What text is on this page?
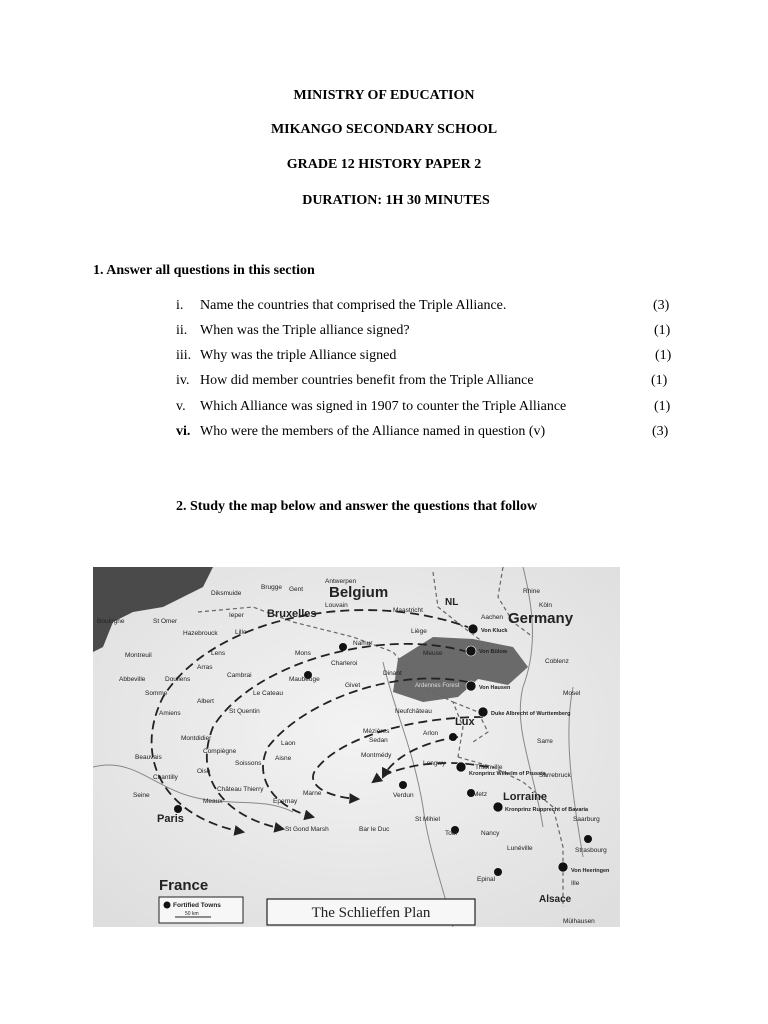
MINISTRY OF EDUCATION
MIKANGO SECONDARY SCHOOL
GRADE 12 HISTORY PAPER 2
DURATION: 1H 30 MINUTES
1. Answer all questions in this section
i. Name the countries that comprised the Triple Alliance.	(3)
ii. When was the Triple alliance signed?	(1)
iii. Why was the triple Alliance signed	(1)
iv. How did member countries benefit from the Triple Alliance	(1)
v. Which Alliance was signed in 1907 to counter the Triple Alliance	(1)
vi. Who were the members of the Alliance named in question (v)	(3)
2. Study the map below and answer the questions that follow
Belgium
Germany
France
NL
Lux
Lorraine
Alsace
Ardennes Forest
Paris
Bruxelles
Antwerpen
Brugge Gent
Diksmuide
Ieper
Lille
St Omer
Boulogne
Hazebrouck
Montreuil	Lens
Arras
Abbeville	Doullens
Somme
Amiens
Albert
Cambrai
Le Cateau
St Quentin
Mons
Maubeuge
Charleroi
Namur
Givet
Dinant
Liège
Louvain
Maastricht
Aachen
Köln
Rhine
Meuse
Neufchâteau
Arlon
Mézières
Sedan
Montmédy
Longwy
Thionville
Metz
Verdun
St Mihiel
Toul	Nancy
Lunéville
Epinal
Strasbourg
Sarrebruck
Saarburg
Mülhausen
Montdidier
Compiègne
Soissons
Laon
Aisne
Oise
Beauvais
Chantilly
Seine
Meaux
Château Thierry
Epernay
Marne
St Gond Marsh	Bar le Duc
Coblenz
Mosel
Sarre
Ille
Von Kluck
Von Bülow
Von Hausen
Duke Albrecht of Wurttemberg
Kronprinz Wilhelm of Prussia
Kronprinz Rupprecht of Bavaria
Von Heeringen
Fortified Towns
50 km	The Schlieffen Plan
